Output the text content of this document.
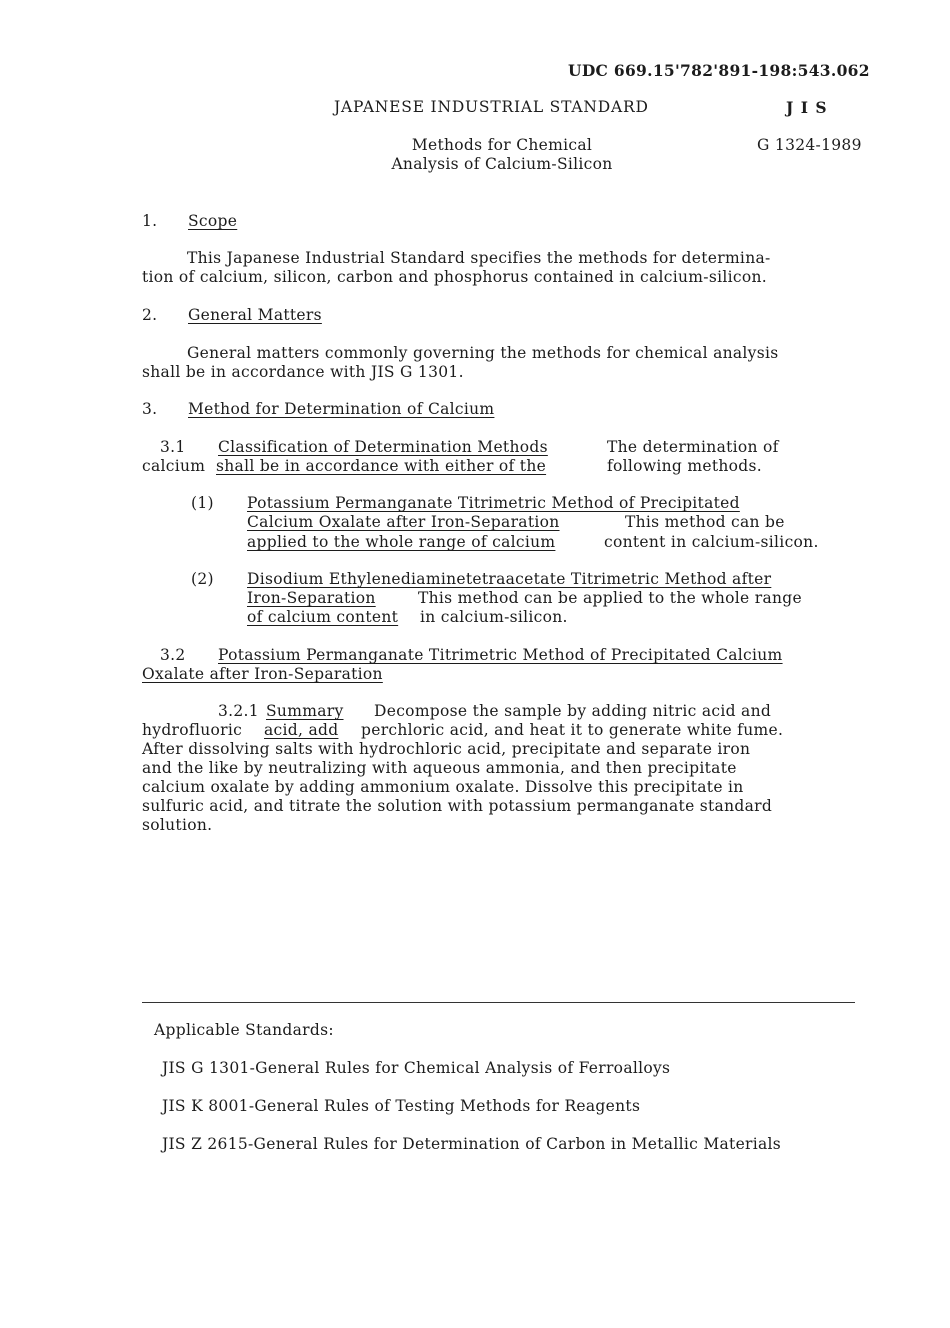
UDC 669.15'782'891-198:543.062
JAPANESE INDUSTRIAL STANDARD	J I S
Methods for Chemical
Analysis of Calcium-Silicon
G 1324-1989
1. Scope
This Japanese Industrial Standard specifies the methods for determina-
tion of calcium, silicon, carbon and phosphorus contained in calcium-silicon.
2. General Matters
General matters commonly governing the methods for chemical analysis
shall be in accordance with JIS G 1301.
3. Method for Determination of Calcium
3.1 Classification of Determination Methods	The determination of
calcium shall be in accordance with either of the	following methods.
(1) Potassium Permanganate Titrimetric Method of Precipitated
Calcium Oxalate after Iron-Separation	This method can be
applied to the whole range of calcium	content in calcium-silicon.
(2) Disodium Ethylenediaminetetraacetate Titrimetric Method after
Iron-Separation	This method can be applied to the whole range
of calcium content in calcium-silicon.
3.2 Potassium Permanganate Titrimetric Method of Precipitated Calcium
Oxalate after Iron-Separation
3.2.1 Summary Decompose the sample by adding nitric acid and
hydrofluoric acid, add perchloric acid, and heat it to generate white fume.
After dissolving salts with hydrochloric acid, precipitate and separate iron
and the like by neutralizing with aqueous ammonia, and then precipitate
calcium oxalate by adding ammonium oxalate. Dissolve this precipitate in
sulfuric acid, and titrate the solution with potassium permanganate standard
solution.
Applicable Standards:
JIS G 1301-General Rules for Chemical Analysis of Ferroalloys
JIS K 8001-General Rules of Testing Methods for Reagents
JIS Z 2615-General Rules for Determination of Carbon in Metallic Materials
